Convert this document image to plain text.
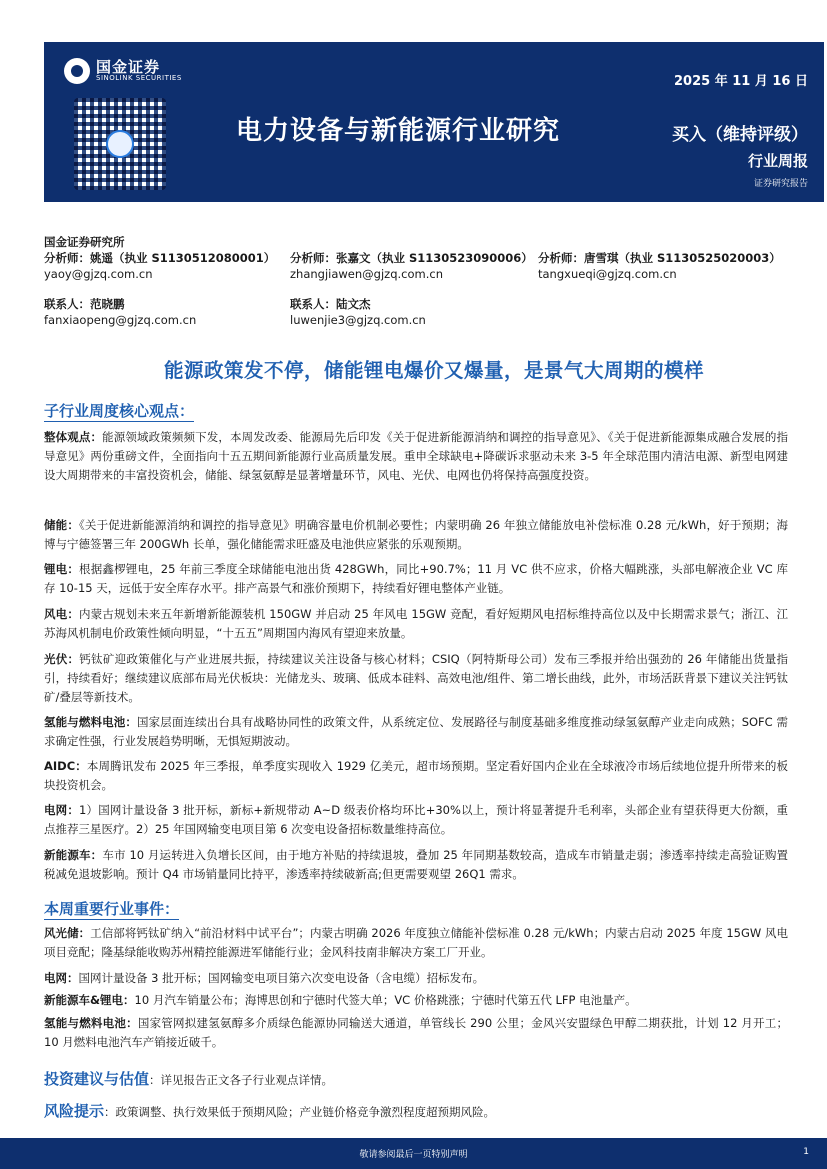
国金证券
SINOLINK SECURITIES	2025 年 11 月 16 日
电力设备与新能源行业研究	买入（维持评级）
行业周报
证券研究报告
国金证券研究所
分析师：姚遥（执业 S1130512080001）
yaoy@gjzq.com.cn
分析师：张嘉文（执业 S1130523090006）
zhangjiawen@gjzq.com.cn
分析师：唐雪琪（执业 S1130525020003）
tangxueqi@gjzq.com.cn
联系人：范晓鹏
fanxiaopeng@gjzq.com.cn
联系人：陆文杰
luwenjie3@gjzq.com.cn
能源政策发不停，储能锂电爆价又爆量，是景气大周期的模样
子行业周度核心观点：
整体观点：能源领域政策频频下发，本周发改委、能源局先后印发《关于促进新能源消纳和调控的指导意见》、《关于促进新能源集成融合发展的指导意见》两份重磅文件，全面指向十五五期间新能源行业高质量发展。重申全球缺电+降碳诉求驱动未来 3-5 年全球范围内清洁电源、新型电网建设大周期带来的丰富投资机会，储能、绿氢氨醇是显著增量环节，风电、光伏、电网也仍将保持高强度投资。
储能：《关于促进新能源消纳和调控的指导意见》明确容量电价机制必要性；内蒙明确 26 年独立储能放电补偿标准 0.28 元/kWh，好于预期；海博与宁德签署三年 200GWh 长单，强化储能需求旺盛及电池供应紧张的乐观预期。
锂电：根据鑫椤锂电，25 年前三季度全球储能电池出货 428GWh，同比+90.7%；11 月 VC 供不应求，价格大幅跳涨，头部电解液企业 VC 库存 10-15 天，远低于安全库存水平。排产高景气和涨价预期下，持续看好锂电整体产业链。
风电：内蒙古规划未来五年新增新能源装机 150GW 并启动 25 年风电 15GW 竞配，看好短期风电招标维持高位以及中长期需求景气；浙江、江苏海风机制电价政策性倾向明显，“十五五”周期国内海风有望迎来放量。
光伏：钙钛矿迎政策催化与产业进展共振，持续建议关注设备与核心材料；CSIQ（阿特斯母公司）发布三季报并给出强劲的 26 年储能出货量指引，持续看好；继续建议底部布局光伏板块：光储龙头、玻璃、低成本硅料、高效电池/组件、第二增长曲线，此外，市场活跃背景下建议关注钙钛矿/叠层等新技术。
氢能与燃料电池：国家层面连续出台具有战略协同性的政策文件，从系统定位、发展路径与制度基础多维度推动绿氢氨醇产业走向成熟；SOFC 需求确定性强，行业发展趋势明晰，无惧短期波动。
AIDC：本周腾讯发布 2025 年三季报，单季度实现收入 1929 亿美元，超市场预期。坚定看好国内企业在全球液冷市场后续地位提升所带来的板块投资机会。
电网：1）国网计量设备 3 批开标，新标+新规带动 A~D 级表价格均环比+30%以上，预计将显著提升毛利率，头部企业有望获得更大份额，重点推荐三星医疗。2）25 年国网输变电项目第 6 次变电设备招标数量维持高位。
新能源车：车市 10 月运转进入负增长区间，由于地方补贴的持续退坡，叠加 25 年同期基数较高，造成车市销量走弱；渗透率持续走高验证购置税减免退坡影响。预计 Q4 市场销量同比持平，渗透率持续破新高;但更需要观望 26Q1 需求。
本周重要行业事件：
风光储：工信部将钙钛矿纳入“前沿材料中试平台”；内蒙古明确 2026 年度独立储能补偿标准 0.28 元/kWh；内蒙古启动 2025 年度 15GW 风电项目竞配；隆基绿能收购苏州精控能源进军储能行业；金风科技南非解决方案工厂开业。
电网：国网计量设备 3 批开标；国网输变电项目第六次变电设备（含电缆）招标发布。
新能源车&锂电：10 月汽车销量公布；海博思创和宁德时代签大单；VC 价格跳涨；宁德时代第五代 LFP 电池量产。
氢能与燃料电池：国家管网拟建氢氨醇多介质绿色能源协同输送大通道，单管线长 290 公里；金风兴安盟绿色甲醇二期获批，计划 12 月开工；10 月燃料电池汽车产销接近破千。
投资建议与估值：详见报告正文各子行业观点详情。
风险提示：政策调整、执行效果低于预期风险；产业链价格竞争激烈程度超预期风险。
敬请参阅最后一页特别声明	1
